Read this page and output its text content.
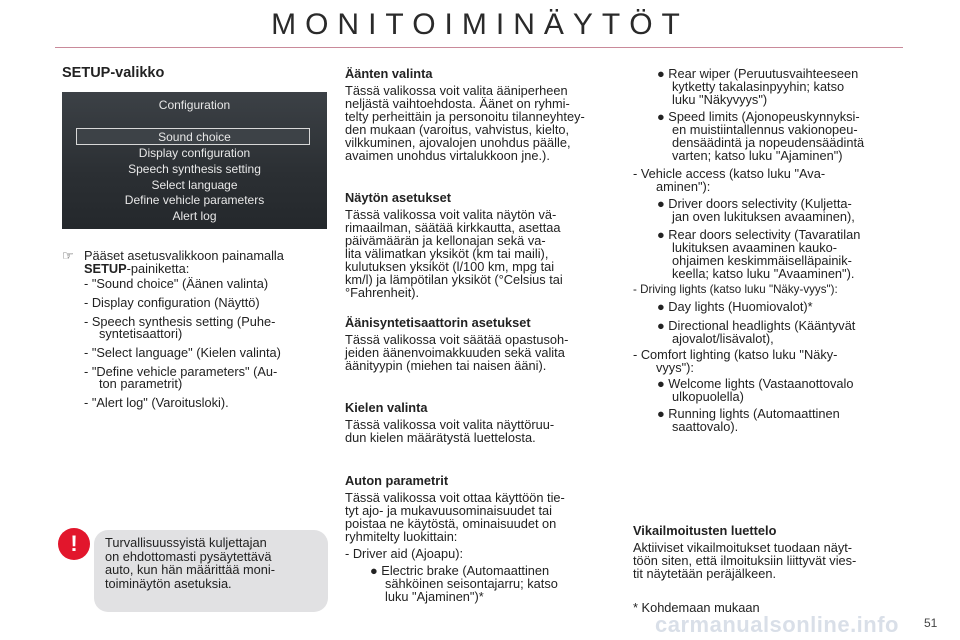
MONITOIMINÄYTÖT
SETUP-valikko
Configuration
Sound choice
Display configuration
Speech synthesis setting
Select language
Define vehicle parameters
Alert log
☞ Pääset asetusvalikkoon painamalla
SETUP-painiketta:
- "Sound choice" (Äänen valinta)
- Display configuration (Näyttö)
- Speech synthesis setting (Puhe-
syntetisaattori)
- "Select language" (Kielen valinta)
- "Define vehicle parameters" (Au-
ton parametrit)
- "Alert log" (Varoitusloki).
!	Turvallisuussyistä kuljettajan
on ehdottomasti pysäytettävä
auto, kun hän määrittää moni-
toiminäytön asetuksia.
Äänten valinta
Tässä valikossa voit valita ääniperheen
neljästä vaihtoehdosta. Äänet on ryhmi-
telty perheittäin ja personoitu tilanneyhtey-
den mukaan (varoitus, vahvistus, kielto,
vilkkuminen, ajovalojen unohdus päälle,
avaimen unohdus virtalukkoon jne.).
Näytön asetukset
Tässä valikossa voit valita näytön vä-
rimaailman, säätää kirkkautta, asettaa
päivämäärän ja kellonajan sekä va-
lita välimatkan yksiköt (km tai maili),
kulutuksen yksiköt (l/100 km, mpg tai
km/l) ja lämpötilan yksiköt (°Celsius tai
°Fahrenheit).
Äänisyntetisaattorin asetukset
Tässä valikossa voit säätää opastusoh-
jeiden äänenvoimakkuuden sekä valita
äänityypin (miehen tai naisen ääni).
Kielen valinta
Tässä valikossa voit valita näyttöruu-
dun kielen määrätystä luettelosta.
Auton parametrit
Tässä valikossa voit ottaa käyttöön tie-
tyt ajo- ja mukavuusominaisuudet tai
poistaa ne käytöstä, ominaisuudet on
ryhmitelty luokittain:
- Driver aid (Ajoapu):
● Electric brake (Automaattinen
sähköinen seisontajarru; katso
luku "Ajaminen")*
● Rear wiper (Peruutusvaihteeseen
kytketty takalasinpyyhin; katso
luku "Näkyvyys")
● Speed limits (Ajonopeuskynnyksi-
en muistiintallennus vakionopeu-
densäädintä ja nopeudensäädintä
varten; katso luku "Ajaminen")
- Vehicle access (katso luku "Ava-
aminen"):
● Driver doors selectivity (Kuljetta-
jan oven lukituksen avaaminen),
● Rear doors selectivity (Tavaratilan
lukituksen avaaminen kauko-
ohjaimen keskimmäiselläpainik-
keella; katso luku "Avaaminen").
- Driving lights (katso luku "Näky-vyys"):
● Day lights (Huomiovalot)*
● Directional headlights (Kääntyvät
ajovalot/lisävalot),
- Comfort lighting (katso luku "Näky-
vyys"):
● Welcome lights (Vastaanottovalo
ulkopuolella)
● Running lights (Automaattinen
saattovalo).
Vikailmoitusten luettelo
Aktiiviset vikailmoitukset tuodaan näyt-
töön siten, että ilmoituksiin liittyvät vies-
tit näytetään peräjälkeen.
* Kohdemaan mukaan
carmanualsonline.info 51
